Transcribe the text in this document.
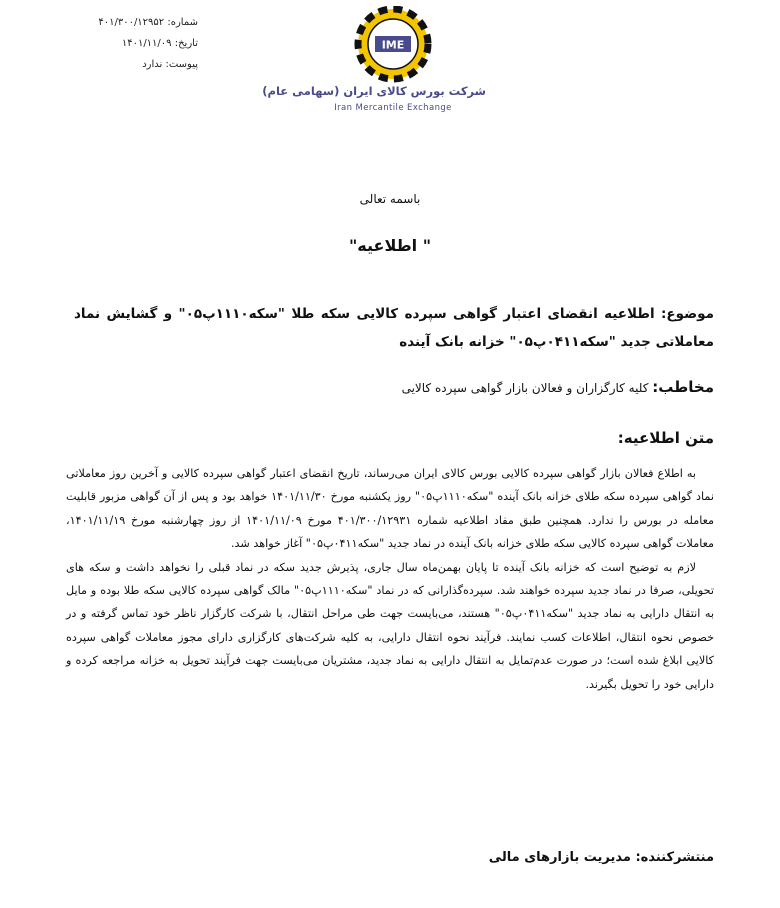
شماره: ۴۰۱/۳۰۰/۱۲۹۵۲
تاریخ: ۱۴۰۱/۱۱/۰۹
پیوست: ندارد
IME
شرکت بورس کالای ایران (سهامی عام)
Iran Mercantile Exchange
باسمه تعالی
" اطلاعیه"
موضوع: اطلاعیه انقضای اعتبار گواهی سپرده کالایی سکه طلا "سکه۱۱۱۰پ۰۵" و گشایش نماد معاملاتی جدید "سکه۰۴۱۱پ۰۵" خزانه بانک آینده
مخاطب: کلیه کارگزاران و فعالان بازار گواهی سپرده کالایی
متن اطلاعیه:

به اطلاع فعالان بازار گواهی سپرده کالایی بورس کالای ایران می‌رساند، تاریخ انقضای اعتبار گواهی سپرده کالایی و آخرین روز معاملاتی نماد گواهی سپرده سکه طلای خزانه بانک آینده "سکه۱۱۱۰پ۰۵" روز یکشنبه مورخ ۱۴۰۱/۱۱/۳۰ خواهد بود و پس از آن گواهی مزبور قابلیت معامله در بورس را ندارد. همچنین طبق مفاد اطلاعیه شماره ۴۰۱/۳۰۰/۱۲۹۳۱ مورخ ۱۴۰۱/۱۱/۰۹ از روز چهارشنبه مورخ ۱۴۰۱/۱۱/۱۹، معاملات گواهی سپرده کالایی سکه طلای خزانه بانک آینده در نماد جدید "سکه۰۴۱۱پ۰۵" آغاز خواهد شد.

لازم به توضیح است که خزانه بانک آینده تا پایان بهمن‌ماه سال جاری، پذیرش جدید سکه در نماد قبلی را نخواهد داشت و سکه های تحویلی، صرفا در نماد جدید سپرده خواهند شد. سپرده‌گذارانی که در نماد "سکه۱۱۱۰پ۰۵" مالک گواهی سپرده کالایی سکه طلا بوده و مایل به انتقال دارایی به نماد جدید "سکه۰۴۱۱پ۰۵" هستند، می‌بایست جهت طی مراحل انتقال، با شرکت کارگزار ناظر خود تماس گرفته و در خصوص نحوه انتقال، اطلاعات کسب نمایند. فرآیند نحوه انتقال دارایی، به کلیه شرکت‌های کارگزاری دارای مجوز معاملات گواهی سپرده کالایی ابلاغ شده است؛ در صورت عدم‌تمایل به انتقال دارایی به نماد جدید، مشتریان می‌بایست جهت فرآیند تحویل به خزانه مراجعه کرده و دارایی خود را تحویل بگیرند.

منتشرکننده: مدیریت بازارهای مالی
